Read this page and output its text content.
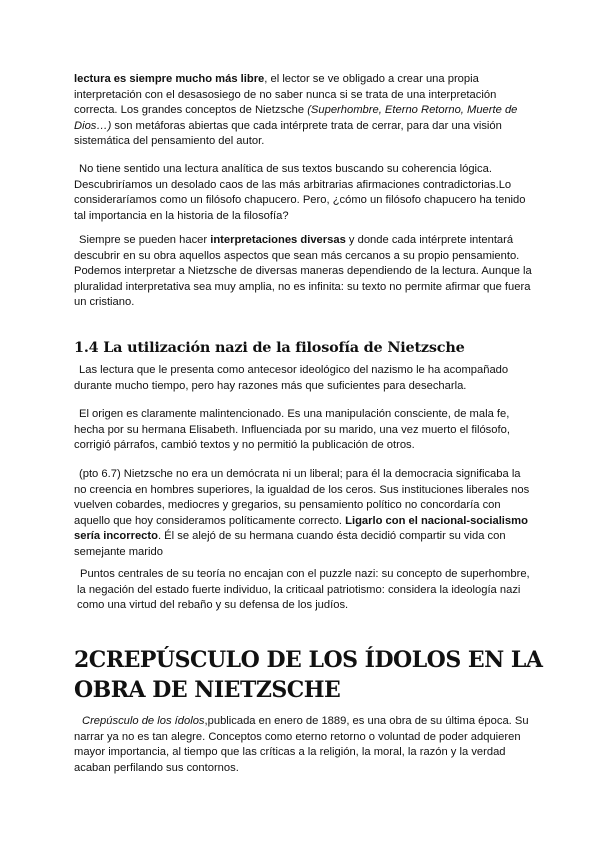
lectura es siempre mucho más libre, el lector se ve obligado a crear una propia interpretación con el desasosiego de no saber nunca si se trata de una interpretación correcta. Los grandes conceptos de Nietzsche (Superhombre, Eterno Retorno, Muerte de Dios…) son metáforas abiertas que cada intérprete trata de cerrar, para dar una visión sistemática del pensamiento del autor.

No tiene sentido una lectura analítica de sus textos buscando su coherencia lógica. Descubriríamos un desolado caos de las más arbitrarias afirmaciones contradictorias.Lo consideraríamos como un filósofo chapucero. Pero, ¿cómo un filósofo chapucero ha tenido tal importancia en la historia de la filosofía?

Siempre se pueden hacer interpretaciones diversas y donde cada intérprete intentará descubrir en su obra aquellos aspectos que sean más cercanos a su propio pensamiento. Podemos interpretar a Nietzsche de diversas maneras dependiendo de la lectura. Aunque la pluralidad interpretativa sea muy amplia, no es infinita: su texto no permite afirmar que fuera un cristiano.

1.4 La utilización nazi de la filosofía de Nietzsche

Las lectura que le presenta como antecesor ideológico del nazismo le ha acompañado durante mucho tiempo, pero hay razones más que suficientes para desecharla.

El origen es claramente malintencionado. Es una manipulación consciente, de mala fe, hecha por su hermana Elisabeth. Influenciada por su marido, una vez muerto el filósofo, corrigió párrafos, cambió textos y no permitió la publicación de otros.

(pto 6.7) Nietzsche no era un demócrata ni un liberal; para él la democracia significaba la no creencia en hombres superiores, la igualdad de los ceros. Sus instituciones liberales nos vuelven cobardes, mediocres y gregarios, su pensamiento político no concordaría con aquello que hoy consideramos políticamente correcto. Ligarlo con el nacional-socialismo sería incorrecto. Él se alejó de su hermana cuando ésta decidió compartir su vida con semejante marido

Puntos centrales de su teoría no encajan con el puzzle nazi: su concepto de superhombre, la negación del estado fuerte individuo, la criticaal patriotismo: considera la ideología nazi como una virtud del rebaño y su defensa de los judíos.

2CREPÚSCULO DE LOS ÍDOLOS EN LA OBRA DE NIETZSCHE

Crepúsculo de los ídolos,publicada en enero de 1889, es una obra de su última época. Su narrar ya no es tan alegre. Conceptos como eterno retorno o voluntad de poder adquieren mayor importancia, al tiempo que las críticas a la religión, la moral, la razón y la verdad acaban perfilando sus contornos.
